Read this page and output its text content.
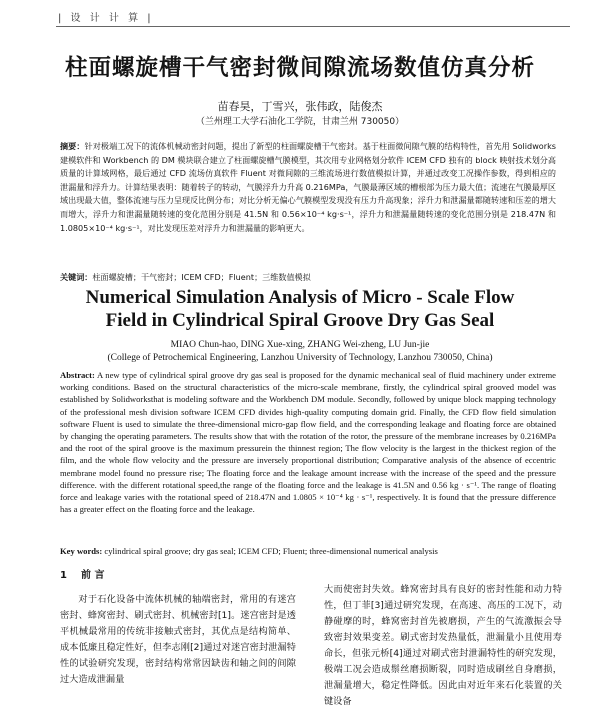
| 设 计 计 算 |
柱面螺旋槽干气密封微间隙流场数值仿真分析
苗春昊，丁雪兴，张伟政，陆俊杰
（兰州理工大学石油化工学院，甘肃兰州 730050）

摘要：针对极端工况下的流体机械动密封问题，提出了新型的柱面螺旋槽干气密封。基于柱面微间隙气膜的结构特性，首先用 Solidworks 建模软件和 Workbench 的 DM 模块联合建立了柱面螺旋槽气膜模型，其次用专业网格划分软件 ICEM CFD 独有的 block 映射技术划分高质量的计算域网格，最后通过 CFD 流场仿真软件 Fluent 对微间隙的三维流场进行数值模拟计算，并通过改变工况操作参数，得到相应的泄漏量和浮升力。计算结果表明：随着转子的转动，气膜浮升力升高 0.216MPa，气膜最薄区域的槽根部为压力最大值；流速在气膜最厚区域出现最大值，整体流速与压力呈现反比例分布；对比分析无偏心气膜模型发现没有压力升高现象；浮升力和泄漏量都随转速和压差的增大而增大，浮升力和泄漏量随转速的变化范围分别是 41.5N 和 0.56×10⁻⁴ kg·s⁻¹，浮升力和泄漏量随转速的变化范围分别是 218.47N 和 1.0805×10⁻⁴ kg·s⁻¹，对比发现压差对浮升力和泄漏量的影响更大。

关键词：柱面螺旋槽；干气密封；ICEM CFD；Fluent；三维数值模拟

Numerical Simulation Analysis of Micro - Scale Flow
Field in Cylindrical Spiral Groove Dry Gas Seal
MIAO Chun-hao, DING Xue-xing, ZHANG Wei-zheng, LU Jun-jie
(College of Petrochemical Engineering, Lanzhou University of Technology, Lanzhou 730050, China)

Abstract: A new type of cylindrical spiral groove dry gas seal is proposed for the dynamic mechanical seal of fluid machinery under extreme working conditions. Based on the structural characteristics of the micro-scale membrane, firstly, the cylindrical spiral grooved model was established by Solidworksthat is modeling software and the Workbench DM module. Secondly, followed by unique block mapping technology of the professional mesh division software ICEM CFD divides high-quality computing domain grid. Finally, the CFD flow field simulation software Fluent is used to simulate the three-dimensional micro-gap flow field, and the corresponding leakage and floating force are obtained by changing the operating parameters. The results show that with the rotation of the rotor, the pressure of the membrane increases by 0.216MPa and the root of the spiral groove is the maximum pressurein the thinnest region; The flow velocity is the largest in the thickest region of the film, and the whole flow velocity and the pressure are inversely proportional distribution; Comparative analysis of the absence of eccentric membrane model found no pressure rise; The floating force and the leakage amount increase with the increase of the speed and the pressure difference. with the different rotational speed,the range of the floating force and the leakage is 41.5N and 0.56 kg · s⁻¹. The range of floating force and leakage varies with the rotational speed of 218.47N and 1.0805 × 10⁻⁴ kg · s⁻¹, respectively. It is found that the pressure difference has a greater effect on the floating force and the leakage.

Key words: cylindrical spiral groove; dry gas seal; ICEM CFD; Fluent; three-dimensional numerical analysis

1 前 言

对于石化设备中流体机械的轴端密封，常用的有迷宫密封、蜂窝密封、刷式密封、机械密封[1]。迷宫密封是透平机械最常用的传统非接触式密封，其优点是结构简单、成本低廉且稳定性好，但李志刚[2]通过对迷宫密封泄漏特性的试验研究发现，密封结构常常因缺齿和轴之间的间隙过大造成泄漏量

大而使密封失效。蜂窝密封具有良好的密封性能和动力特性，但丁菲[3]通过研究发现，在高速、高压的工况下，动静碰摩的时，蜂窝密封首先被磨损，产生的气流激振会导致密封效果变差。刷式密封发热量低，泄漏量小且使用寿命长，但张元桥[4]通过对刷式密封泄漏特性的研究发现，极端工况会造成鬃丝磨损断裂，同时造成刷丝自身磨损，泄漏量增大，稳定性降低。因此由对近年来石化装置的关键设备
